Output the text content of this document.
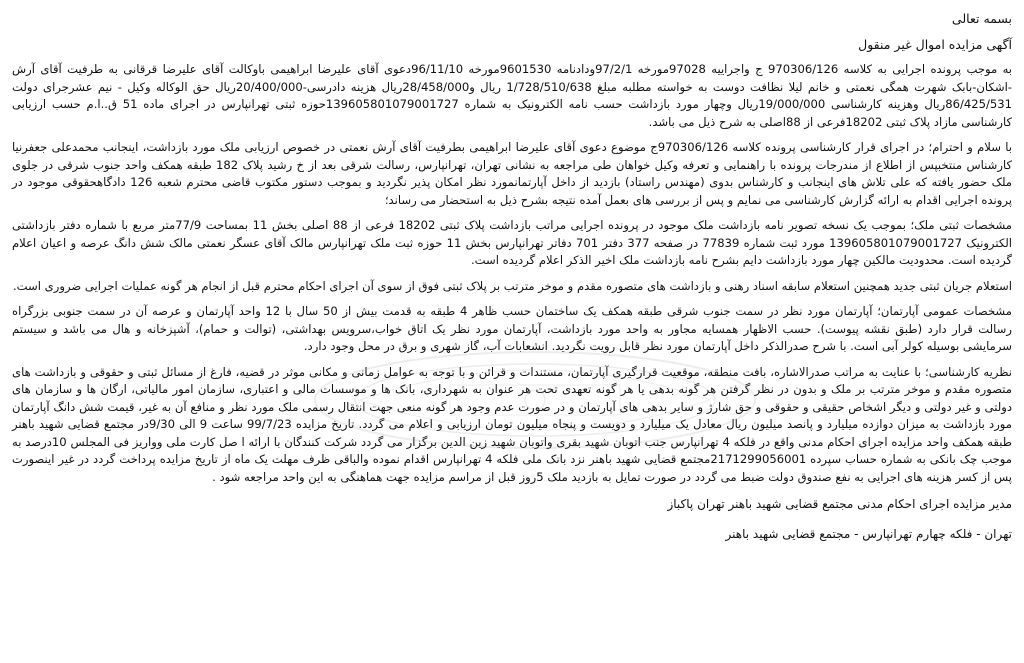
بسمه تعالی

آگهی مزایده اموال غیر منقول

به موجب پرونده اجرایی به کلاسه 970306/126 ج واجراییه 97028مورخه 97/2/1ودادنامه 9601530مورخه 96/11/10دعوی آقای علیرضا ابراهیمی باوکالت آقای علیرضا قرقانی به طرفیت آقای آرش -اشکان-بابک شهرت همگی نعمتی و خانم لیلا نظافت دوست به خواسته مطلبه مبلغ 1/728/510/638 ریال و28/458/000ریال هزینه دادرسی-20/400/000ریال حق الوکاله وکیل - نیم عشرجرای دولت 86/425/531ریال وهزینه کارشناسی 19/000/000ریال وچهار مورد بازداشت حسب نامه الکترونیک به شماره 139605801079001727حوزه ثبتی تهرانپارس در اجرای ماده 51 ق..ا.م حسب ارزیابی کارشناسی مازاد پلاک ثبتی 18202فرعی از 88اصلی به شرح ذیل می باشد.

با سلام و احترام؛ در اجرای قرار کارشناسی پرونده کلاسه 970306/126ج موضوع دعوی آقای علیرضا ابراهیمی بطرفیت آقای آرش نعمتی در خصوص ارزیابی ملک مورد بازداشت، اینجانب محمدعلی جعفرنیا کارشناس منتخبپس از اطلاع از مندرجات پرونده با راهنمایی و تعرفه وکیل خواهان طی مراجعه به نشانی تهران، تهرانپارس، رسالت شرقی بعد از خ رشید پلاک 182 طبقه همکف واحد جنوب شرقی در جلوی ملک حضور یافته که علی تلاش های اینجانب و کارشناس بدوی (مهندس راستاد) بازدید از داخل آپارتمانمورد نظر امکان پذیر نگردید و بموجب دستور مکتوب قاضی محترم شعبه 126 دادگاهحقوقی موجود در پرونده اجرایی اقدام به ارائه گزارش کارشناسی می نمایم و پس از بررسی های بعمل آمده نتیجه بشرح ذیل به استحضار می رساند؛

مشخصات ثبتی ملک؛ بموجب یک نسخه تصویر نامه بازداشت ملک موجود در پرونده اجرایی مراتب بازداشت پلاک ثبتی 18202 فرعی از 88 اصلی بخش 11 بمساحت 77/9متر مربع با شماره دفتر بازداشتی الکترونیک 139605801079001727 مورد ثبت شماره 77839 در صفحه 377 دفتر 701 دفاتر تهرانپارس بخش 11 حوزه ثبت ملک تهرانپارس مالک آقای عسگر نعمتی مالک شش دانگ عرصه و اعیان اعلام گردیده است. محدودیت مالکین چهار مورد بازداشت دایم بشرح نامه بازداشت ملک اخیر الذکر اعلام گردیده است.

استعلام جریان ثبتی جدید همچنین استعلام سابقه اسناد رهنی و بازداشت های متصوره مقدم و موخر مترتب بر پلاک ثبتی فوق از سوی آن اجرای احکام محترم قبل از انجام هر گونه عملیات اجرایی ضروری است.

مشخصات عمومی آپارتمان؛ آپارتمان مورد نظر در سمت جنوب شرقی طبقه همکف یک ساختمان حسب ظاهر 4 طبقه به قدمت بیش از 50 سال با 12 واحد آپارتمان و عرصه آن در سمت جنوبی بزرگراه رسالت قرار دارد (طبق نقشه پیوست). حسب الاظهار همسایه مجاور به واحد مورد بازداشت، آپارتمان مورد نظر یک اتاق خواب،سرویس بهداشتی، (توالت و حمام)، آشپزخانه و هال می باشد و سیستم سرمایشی بوسیله کولر آبی است. با شرح صدرالذکر داخل آپارتمان مورد نظر قابل رویت نگردید. انشعابات آب، گاز شهری و برق در محل وجود دارد.

نظریه کارشناسی؛ با عنایت به مراتب صدرالاشاره، بافت منطقه، موقعیت قرارگیری آپارتمان، مستندات و قرائن و با توجه به عوامل زمانی و مکانی موثر در قضیه، فارغ از مسائل ثبتی و حقوقی و بازداشت های متصوره مقدم و موخر مترتب بر ملک و بدون در نظر گرفتن هر گونه بدهی یا هر گونه تعهدی تحت هر عنوان به شهرداری، بانک ها و موسسات مالی و اعتباری، سازمان امور مالیاتی، ارگان ها و سازمان های دولتی و غیر دولتی و دیگر اشخاص حقیقی و حقوقی و حق شارژ و سایر بدهی های آپارتمان و در صورت عدم وجود هر گونه منعی جهت انتقال رسمی ملک مورد نظر و منافع آن به غیر، قیمت شش دانگ آپارتمان مورد بازداشت به میزان دوازده میلیارد و پانصد میلیون ریال معادل یک میلیارد و دویست و پنجاه میلیون تومان ارزیابی و اعلام می گردد. تاریخ مزایده 99/7/23 ساعت 9 الی 9/30در مجتمع قضایی شهید باهنر طبقه همکف واحد مزایده اجرای احکام مدنی واقع در فلکه 4 تهرانپارس جنب اتوبان شهید بقری واتوبان شهید زین الدین برگزار می گردد شرکت کنندگان با ارائه ا صل کارت ملی وواریز فی المجلس 10درصد به موجب چک بانکی به شماره حساب سپرده 2171299056001مجتمع قضایی شهید باهنر نزد بانک ملی فلکه 4 تهرانپارس اقدام نموده والباقی ظرف مهلت یک ماه از تاریخ مزایده پرداخت گردد در غیر اینصورت پس از کسر هزینه های اجرایی به نفع صندوق دولت ضبط می گردد در صورت تمایل به بازدید ملک 5روز قبل از مراسم مزایده جهت هماهنگی به این واحد مراجعه شود .

مدیر مزایده اجرای احکام مدنی مجتمع قضایی شهید باهنر تهران پاکباز

تهران - فلکه چهارم تهرانپارس - مجتمع قضایی شهید باهنر
